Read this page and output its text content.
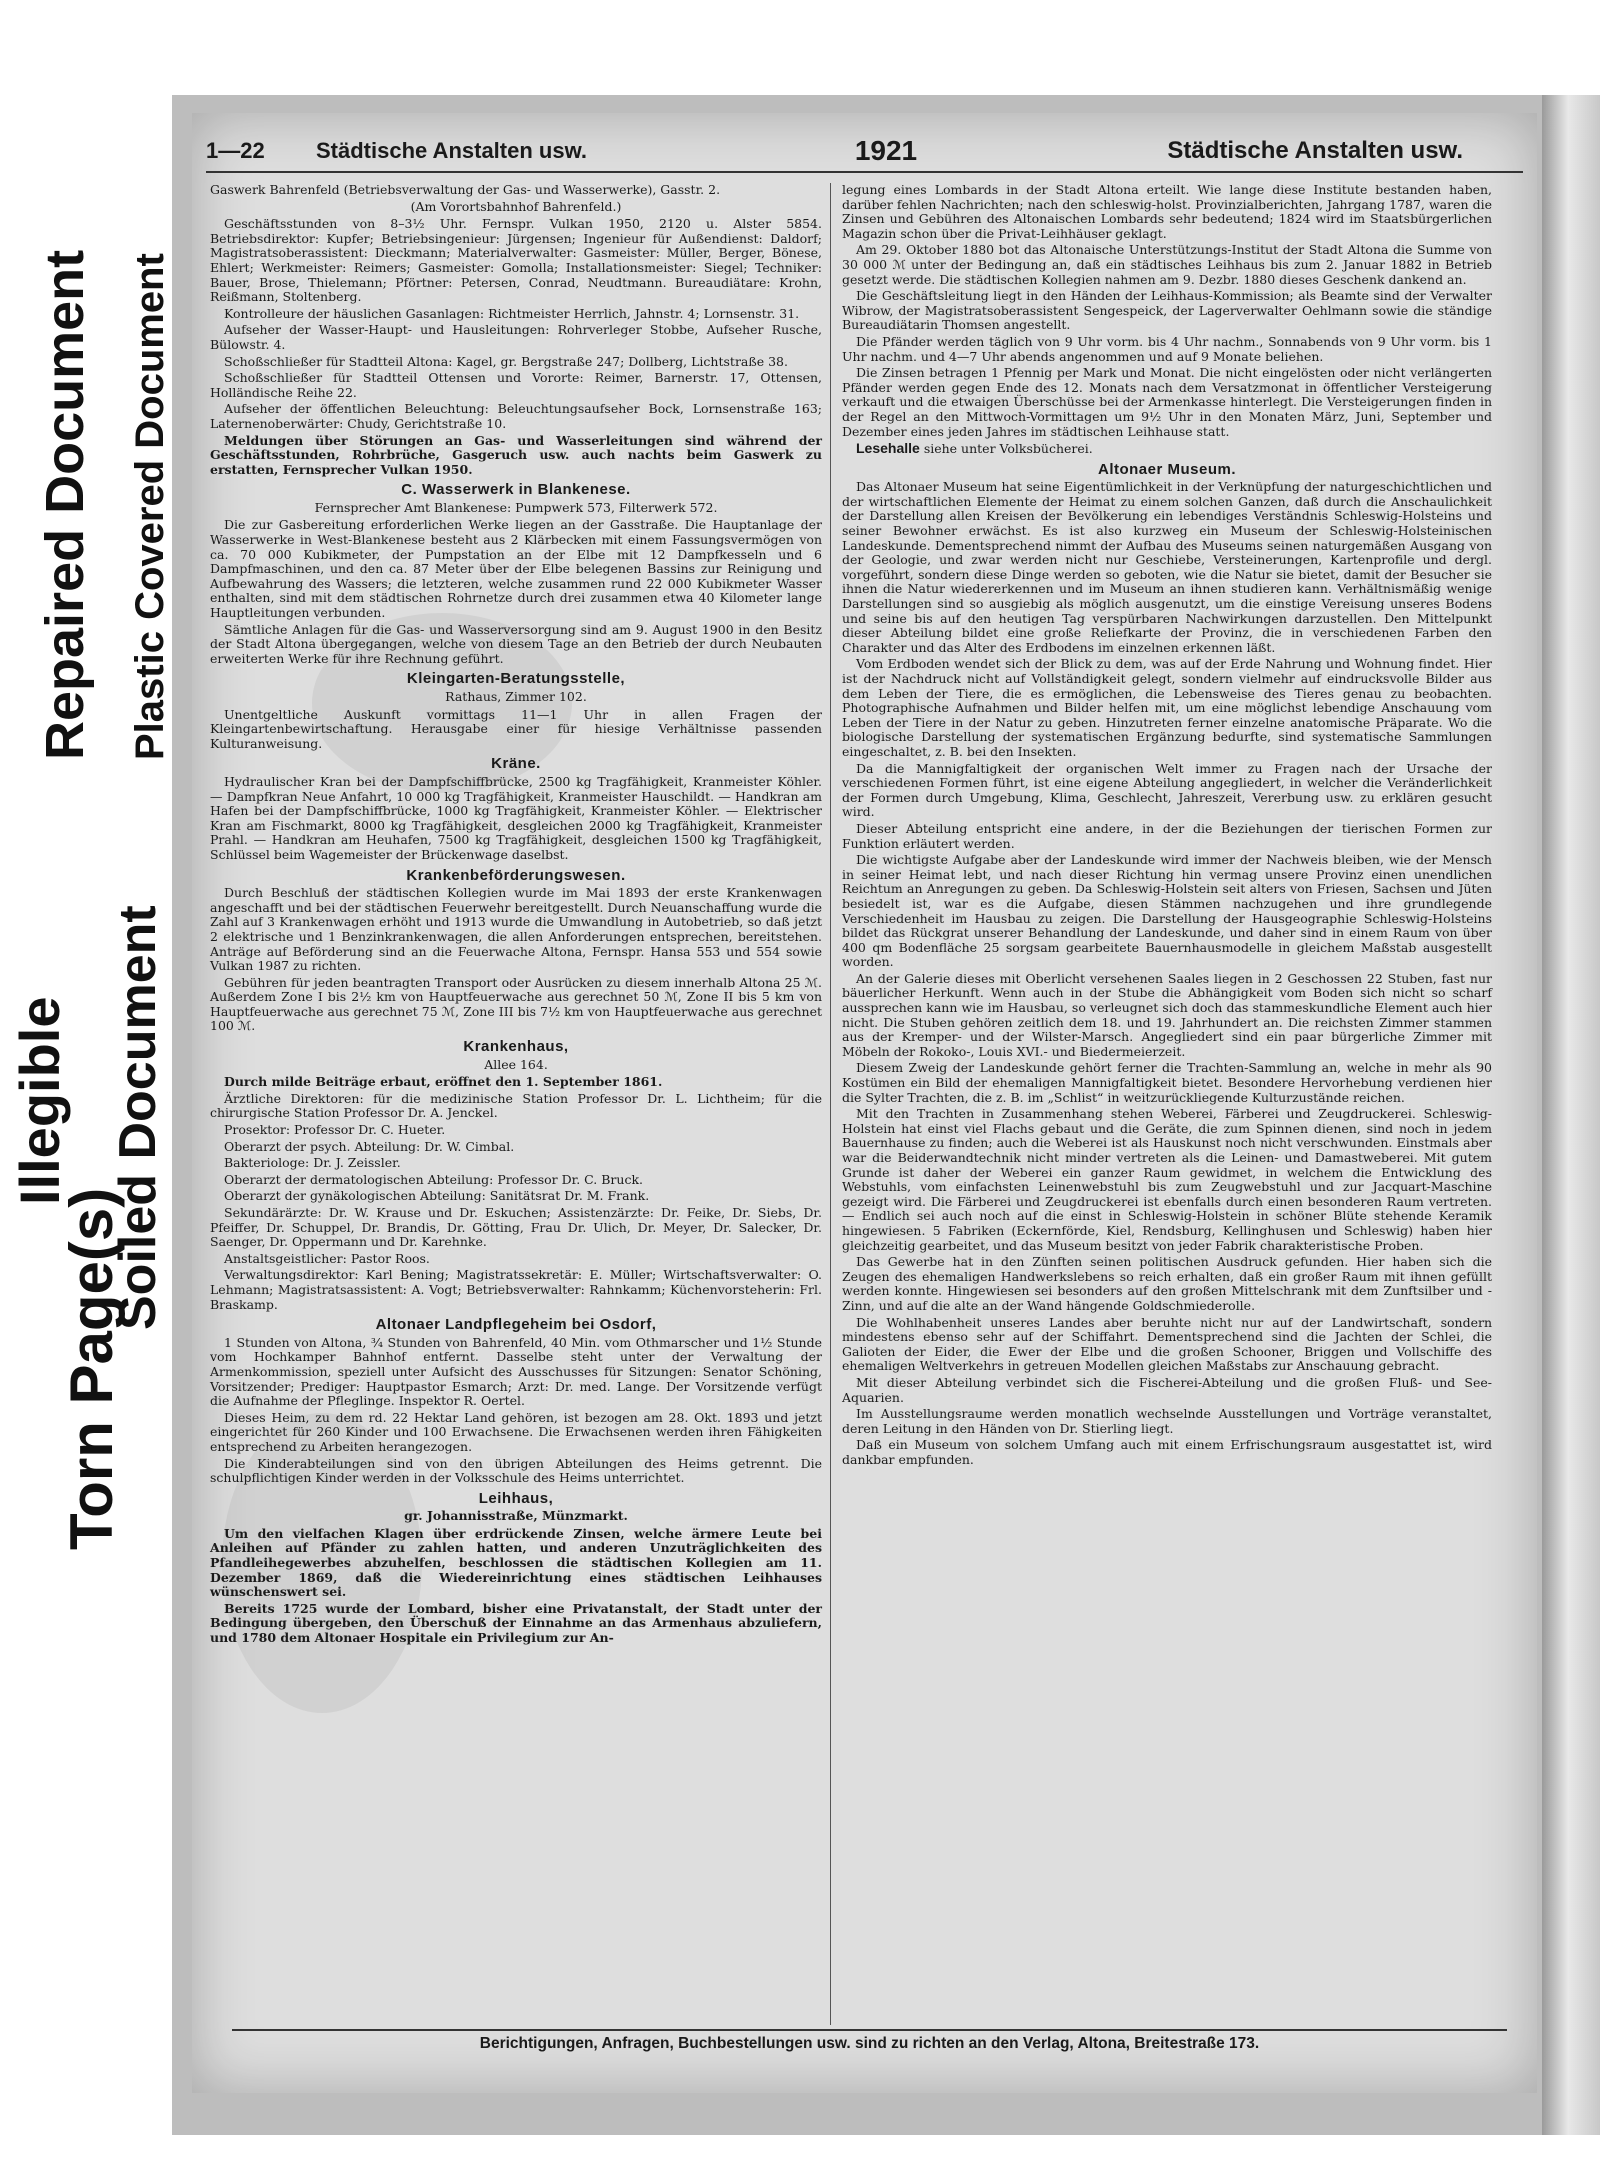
Repaired Document Plastic Covered Document
Illegible Soiled Document
Torn Page(s)
1—22	Städtische Anstalten usw.	1921	Städtische Anstalten usw.

Gaswerk Bahrenfeld (Betriebsverwaltung der Gas- und Wasserwerke), Gasstr. 2.

(Am Vorortsbahnhof Bahrenfeld.)

Geschäftsstunden von 8–3½ Uhr. Fernspr. Vulkan 1950, 2120 u. Alster 5854. Betriebsdirektor: Kupfer; Betriebsingenieur: Jürgensen; Ingenieur für Außendienst: Daldorf; Magistratsoberassistent: Dieckmann; Materialverwalter: Gasmeister: Müller, Berger, Bönese, Ehlert; Werkmeister: Reimers; Gasmeister: Gomolla; Installationsmeister: Siegel; Techniker: Bauer, Brose, Thielemann; Pförtner: Petersen, Conrad, Neudtmann. Bureaudiätare: Krohn, Reißmann, Stoltenberg.

Kontrolleure der häuslichen Gasanlagen: Richtmeister Herrlich, Jahnstr. 4; Lornsenstr. 31.

Aufseher der Wasser-Haupt- und Hausleitungen: Rohrverleger Stobbe, Aufseher Rusche, Bülowstr. 4.

Schoßschließer für Stadtteil Altona: Kagel, gr. Bergstraße 247; Dollberg, Lichtstraße 38.

Schoßschließer für Stadtteil Ottensen und Vororte: Reimer, Barnerstr. 17, Ottensen, Holländische Reihe 22.

Aufseher der öffentlichen Beleuchtung: Beleuchtungsaufseher Bock, Lornsenstraße 163; Laternenoberwärter: Chudy, Gerichtstraße 10.

Meldungen über Störungen an Gas- und Wasserleitungen sind während der Geschäftsstunden, Rohrbrüche, Gasgeruch usw. auch nachts beim Gaswerk zu erstatten, Fernsprecher Vulkan 1950.

C. Wasserwerk in Blankenese.

Fernsprecher Amt Blankenese: Pumpwerk 573, Filterwerk 572.

Die zur Gasbereitung erforderlichen Werke liegen an der Gasstraße. Die Hauptanlage der Wasserwerke in West-Blankenese besteht aus 2 Klärbecken mit einem Fassungsvermögen von ca. 70 000 Kubikmeter, der Pumpstation an der Elbe mit 12 Dampfkesseln und 6 Dampfmaschinen, und den ca. 87 Meter über der Elbe belegenen Bassins zur Reinigung und Aufbewahrung des Wassers; die letzteren, welche zusammen rund 22 000 Kubikmeter Wasser enthalten, sind mit dem städtischen Rohrnetze durch drei zusammen etwa 40 Kilometer lange Hauptleitungen verbunden.

Sämtliche Anlagen für die Gas- und Wasserversorgung sind am 9. August 1900 in den Besitz der Stadt Altona übergegangen, welche von diesem Tage an den Betrieb der durch Neubauten erweiterten Werke für ihre Rechnung geführt.

Kleingarten-Beratungsstelle,

Rathaus, Zimmer 102.

Unentgeltliche Auskunft vormittags 11—1 Uhr in allen Fragen der Kleingartenbewirtschaftung. Herausgabe einer für hiesige Verhältnisse passenden Kulturanweisung.

Kräne.

Hydraulischer Kran bei der Dampfschiffbrücke, 2500 kg Tragfähigkeit, Kranmeister Köhler. — Dampfkran Neue Anfahrt, 10 000 kg Tragfähigkeit, Kranmeister Hauschildt. — Handkran am Hafen bei der Dampfschiffbrücke, 1000 kg Tragfähigkeit, Kranmeister Köhler. — Elektrischer Kran am Fischmarkt, 8000 kg Tragfähigkeit, desgleichen 2000 kg Tragfähigkeit, Kranmeister Prahl. — Handkran am Heuhafen, 7500 kg Tragfähigkeit, desgleichen 1500 kg Tragfähigkeit, Schlüssel beim Wagemeister der Brückenwage daselbst.

Krankenbeförderungswesen.

Durch Beschluß der städtischen Kollegien wurde im Mai 1893 der erste Krankenwagen angeschafft und bei der städtischen Feuerwehr bereitgestellt. Durch Neuanschaffung wurde die Zahl auf 3 Krankenwagen erhöht und 1913 wurde die Umwandlung in Autobetrieb, so daß jetzt 2 elektrische und 1 Benzinkrankenwagen, die allen Anforderungen entsprechen, bereitstehen. Anträge auf Beförderung sind an die Feuerwache Altona, Fernspr. Hansa 553 und 554 sowie Vulkan 1987 zu richten.

Gebühren für jeden beantragten Transport oder Ausrücken zu diesem innerhalb Altona 25 ℳ. Außerdem Zone I bis 2½ km von Hauptfeuerwache aus gerechnet 50 ℳ, Zone II bis 5 km von Hauptfeuerwache aus gerechnet 75 ℳ, Zone III bis 7½ km von Hauptfeuerwache aus gerechnet 100 ℳ.

Krankenhaus,

Allee 164.

Durch milde Beiträge erbaut, eröffnet den 1. September 1861.

Ärztliche Direktoren: für die medizinische Station Professor Dr. L. Lichtheim; für die chirurgische Station Professor Dr. A. Jenckel.

Prosektor: Professor Dr. C. Hueter.

Oberarzt der psych. Abteilung: Dr. W. Cimbal.

Bakteriologe: Dr. J. Zeissler.

Oberarzt der dermatologischen Abteilung: Professor Dr. C. Bruck.

Oberarzt der gynäkologischen Abteilung: Sanitätsrat Dr. M. Frank.

Sekundärärzte: Dr. W. Krause und Dr. Eskuchen; Assistenzärzte: Dr. Feike, Dr. Siebs, Dr. Pfeiffer, Dr. Schuppel, Dr. Brandis, Dr. Götting, Frau Dr. Ulich, Dr. Meyer, Dr. Salecker, Dr. Saenger, Dr. Oppermann und Dr. Karehnke.

Anstaltsgeistlicher: Pastor Roos.

Verwaltungsdirektor: Karl Bening; Magistratssekretär: E. Müller; Wirtschaftsverwalter: O. Lehmann; Magistratsassistent: A. Vogt; Betriebsverwalter: Rahnkamm; Küchenvorsteherin: Frl. Braskamp.

Altonaer Landpflegeheim bei Osdorf,

1 Stunden von Altona, ¾ Stunden von Bahrenfeld, 40 Min. vom Othmarscher und 1½ Stunde vom Hochkamper Bahnhof entfernt. Dasselbe steht unter der Verwaltung der Armenkommission, speziell unter Aufsicht des Ausschusses für Sitzungen: Senator Schöning, Vorsitzender; Prediger: Hauptpastor Esmarch; Arzt: Dr. med. Lange. Der Vorsitzende verfügt die Aufnahme der Pfleglinge. Inspektor R. Oertel.

Dieses Heim, zu dem rd. 22 Hektar Land gehören, ist bezogen am 28. Okt. 1893 und jetzt eingerichtet für 260 Kinder und 100 Erwachsene. Die Erwachsenen werden ihren Fähigkeiten entsprechend zu Arbeiten herangezogen.

Die Kinderabteilungen sind von den übrigen Abteilungen des Heims getrennt. Die schulpflichtigen Kinder werden in der Volksschule des Heims unterrichtet.

Leihhaus,

gr. Johannisstraße, Münzmarkt.

Um den vielfachen Klagen über erdrückende Zinsen, welche ärmere Leute bei Anleihen auf Pfänder zu zahlen hatten, und anderen Unzuträglichkeiten des Pfandleihegewerbes abzuhelfen, beschlossen die städtischen Kollegien am 11. Dezember 1869, daß die Wiedereinrichtung eines städtischen Leihhauses wünschenswert sei.

Bereits 1725 wurde der Lombard, bisher eine Privatanstalt, der Stadt unter der Bedingung übergeben, den Überschuß der Einnahme an das Armenhaus abzuliefern, und 1780 dem Altonaer Hospitale ein Privilegium zur An-

legung eines Lombards in der Stadt Altona erteilt. Wie lange diese Institute bestanden haben, darüber fehlen Nachrichten; nach den schleswig-holst. Provinzialberichten, Jahrgang 1787, waren die Zinsen und Gebühren des Altonaischen Lombards sehr bedeutend; 1824 wird im Staatsbürgerlichen Magazin schon über die Privat-Leihhäuser geklagt.

Am 29. Oktober 1880 bot das Altonaische Unterstützungs-Institut der Stadt Altona die Summe von 30 000 ℳ unter der Bedingung an, daß ein städtisches Leihhaus bis zum 2. Januar 1882 in Betrieb gesetzt werde. Die städtischen Kollegien nahmen am 9. Dezbr. 1880 dieses Geschenk dankend an.

Die Geschäftsleitung liegt in den Händen der Leihhaus-Kommission; als Beamte sind der Verwalter Wibrow, der Magistratsoberassistent Sengespeick, der Lagerverwalter Oehlmann sowie die ständige Bureaudiätarin Thomsen angestellt.

Die Pfänder werden täglich von 9 Uhr vorm. bis 4 Uhr nachm., Sonnabends von 9 Uhr vorm. bis 1 Uhr nachm. und 4—7 Uhr abends angenommen und auf 9 Monate beliehen.

Die Zinsen betragen 1 Pfennig per Mark und Monat. Die nicht eingelösten oder nicht verlängerten Pfänder werden gegen Ende des 12. Monats nach dem Versatzmonat in öffentlicher Versteigerung verkauft und die etwaigen Überschüsse bei der Armenkasse hinterlegt. Die Versteigerungen finden in der Regel an den Mittwoch-Vormittagen um 9½ Uhr in den Monaten März, Juni, September und Dezember eines jeden Jahres im städtischen Leihhause statt.

Lesehalle siehe unter Volksbücherei.

Altonaer Museum.

Das Altonaer Museum hat seine Eigentümlichkeit in der Verknüpfung der naturgeschichtlichen und der wirtschaftlichen Elemente der Heimat zu einem solchen Ganzen, daß durch die Anschaulichkeit der Darstellung allen Kreisen der Bevölkerung ein lebendiges Verständnis Schleswig-Holsteins und seiner Bewohner erwächst. Es ist also kurzweg ein Museum der Schleswig-Holsteinischen Landeskunde. Dementsprechend nimmt der Aufbau des Museums seinen naturgemäßen Ausgang von der Geologie, und zwar werden nicht nur Geschiebe, Versteinerungen, Kartenprofile und dergl. vorgeführt, sondern diese Dinge werden so geboten, wie die Natur sie bietet, damit der Besucher sie ihnen die Natur wiedererkennen und im Museum an ihnen studieren kann. Verhältnismäßig wenige Darstellungen sind so ausgiebig als möglich ausgenutzt, um die einstige Vereisung unseres Bodens und seine bis auf den heutigen Tag verspürbaren Nachwirkungen darzustellen. Den Mittelpunkt dieser Abteilung bildet eine große Reliefkarte der Provinz, die in verschiedenen Farben den Charakter und das Alter des Erdbodens im einzelnen erkennen läßt.

Vom Erdboden wendet sich der Blick zu dem, was auf der Erde Nahrung und Wohnung findet. Hier ist der Nachdruck nicht auf Vollständigkeit gelegt, sondern vielmehr auf eindrucksvolle Bilder aus dem Leben der Tiere, die es ermöglichen, die Lebensweise des Tieres genau zu beobachten. Photographische Aufnahmen und Bilder helfen mit, um eine möglichst lebendige Anschauung vom Leben der Tiere in der Natur zu geben. Hinzutreten ferner einzelne anatomische Präparate. Wo die biologische Darstellung der systematischen Ergänzung bedurfte, sind systematische Sammlungen eingeschaltet, z. B. bei den Insekten.

Da die Mannigfaltigkeit der organischen Welt immer zu Fragen nach der Ursache der verschiedenen Formen führt, ist eine eigene Abteilung angegliedert, in welcher die Veränderlichkeit der Formen durch Umgebung, Klima, Geschlecht, Jahreszeit, Vererbung usw. zu erklären gesucht wird.

Dieser Abteilung entspricht eine andere, in der die Beziehungen der tierischen Formen zur Funktion erläutert werden.

Die wichtigste Aufgabe aber der Landeskunde wird immer der Nachweis bleiben, wie der Mensch in seiner Heimat lebt, und nach dieser Richtung hin vermag unsere Provinz einen unendlichen Reichtum an Anregungen zu geben. Da Schleswig-Holstein seit alters von Friesen, Sachsen und Jüten besiedelt ist, war es die Aufgabe, diesen Stämmen nachzugehen und ihre grundlegende Verschiedenheit im Hausbau zu zeigen. Die Darstellung der Hausgeographie Schleswig-Holsteins bildet das Rückgrat unserer Behandlung der Landeskunde, und daher sind in einem Raum von über 400 qm Bodenfläche 25 sorgsam gearbeitete Bauernhausmodelle in gleichem Maßstab ausgestellt worden.

An der Galerie dieses mit Oberlicht versehenen Saales liegen in 2 Geschossen 22 Stuben, fast nur bäuerlicher Herkunft. Wenn auch in der Stube die Abhängigkeit vom Boden sich nicht so scharf aussprechen kann wie im Hausbau, so verleugnet sich doch das stammeskundliche Element auch hier nicht. Die Stuben gehören zeitlich dem 18. und 19. Jahrhundert an. Die reichsten Zimmer stammen aus der Kremper- und der Wilster-Marsch. Angegliedert sind ein paar bürgerliche Zimmer mit Möbeln der Rokoko-, Louis XVI.- und Biedermeierzeit.

Diesem Zweig der Landeskunde gehört ferner die Trachten-Sammlung an, welche in mehr als 90 Kostümen ein Bild der ehemaligen Mannigfaltigkeit bietet. Besondere Hervorhebung verdienen hier die Sylter Trachten, die z. B. im „Schlist“ in weitzurückliegende Kulturzustände reichen.

Mit den Trachten in Zusammenhang stehen Weberei, Färberei und Zeugdruckerei. Schleswig-Holstein hat einst viel Flachs gebaut und die Geräte, die zum Spinnen dienen, sind noch in jedem Bauernhause zu finden; auch die Weberei ist als Hauskunst noch nicht verschwunden. Einstmals aber war die Beiderwandtechnik nicht minder vertreten als die Leinen- und Damastweberei. Mit gutem Grunde ist daher der Weberei ein ganzer Raum gewidmet, in welchem die Entwicklung des Webstuhls, vom einfachsten Leinenwebstuhl bis zum Zeugwebstuhl und zur Jacquart-Maschine gezeigt wird. Die Färberei und Zeugdruckerei ist ebenfalls durch einen besonderen Raum vertreten. — Endlich sei auch noch auf die einst in Schleswig-Holstein in schöner Blüte stehende Keramik hingewiesen. 5 Fabriken (Eckernförde, Kiel, Rendsburg, Kellinghusen und Schleswig) haben hier gleichzeitig gearbeitet, und das Museum besitzt von jeder Fabrik charakteristische Proben.

Das Gewerbe hat in den Zünften seinen politischen Ausdruck gefunden. Hier haben sich die Zeugen des ehemaligen Handwerkslebens so reich erhalten, daß ein großer Raum mit ihnen gefüllt werden konnte. Hingewiesen sei besonders auf den großen Mittelschrank mit dem Zunftsilber und -Zinn, und auf die alte an der Wand hängende Goldschmiederolle.

Die Wohlhabenheit unseres Landes aber beruhte nicht nur auf der Landwirtschaft, sondern mindestens ebenso sehr auf der Schiffahrt. Dementsprechend sind die Jachten der Schlei, die Galioten der Eider, die Ewer der Elbe und die großen Schooner, Briggen und Vollschiffe des ehemaligen Weltverkehrs in getreuen Modellen gleichen Maßstabs zur Anschauung gebracht.

Mit dieser Abteilung verbindet sich die Fischerei-Abteilung und die großen Fluß- und See-Aquarien.

Im Ausstellungsraume werden monatlich wechselnde Ausstellungen und Vorträge veranstaltet, deren Leitung in den Händen von Dr. Stierling liegt.

Daß ein Museum von solchem Umfang auch mit einem Erfrischungsraum ausgestattet ist, wird dankbar empfunden.

Berichtigungen, Anfragen, Buchbestellungen usw. sind zu richten an den Verlag, Altona, Breitestraße 173.
